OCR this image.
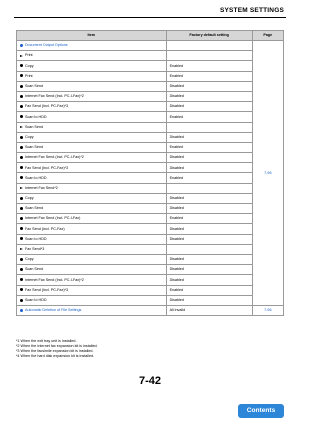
SYSTEM SETTINGS
Item	Factory default setting	Page
Document Output Options		7-96
Print		
Copy	Enabled	
Print	Enabled	
Scan Send	Disabled	
Internet Fax Send (Incl. PC-I-Fax)*2	Disabled	
Fax Send (Incl. PC-Fax)*3	Disabled	
Scan to HDD	Enabled	
Scan Send		
Copy	Disabled	
Scan Send	Enabled	
Internet Fax Send (Incl. PC-I-Fax)*2	Disabled	
Fax Send (Incl. PC-Fax)*3	Disabled	
Scan to HDD	Enabled	
Internet Fax Send*2		
Copy	Disabled	
Scan Send	Disabled	
Internet Fax Send (Incl. PC-I-Fax)	Enabled	
Fax Send (Incl. PC-Fax)	Disabled	
Scan to HDD	Disabled	
Fax Send*3		
Copy	Disabled	
Scan Send	Disabled	
Internet Fax Send (Incl. PC-I-Fax)*2	Disabled	
Fax Send (Incl. PC-Fax)*3	Enabled	
Scan to HDD	Disabled	
Automatic Deletion of File Settings	All invalid	7-96
*1 When the exit tray unit is installed.
*2 When the Internet fax expansion kit is installed.
*3 When the facsimile expansion kit is installed.
*4 When the hard disk expansion kit is installed.
7-42
Contents
